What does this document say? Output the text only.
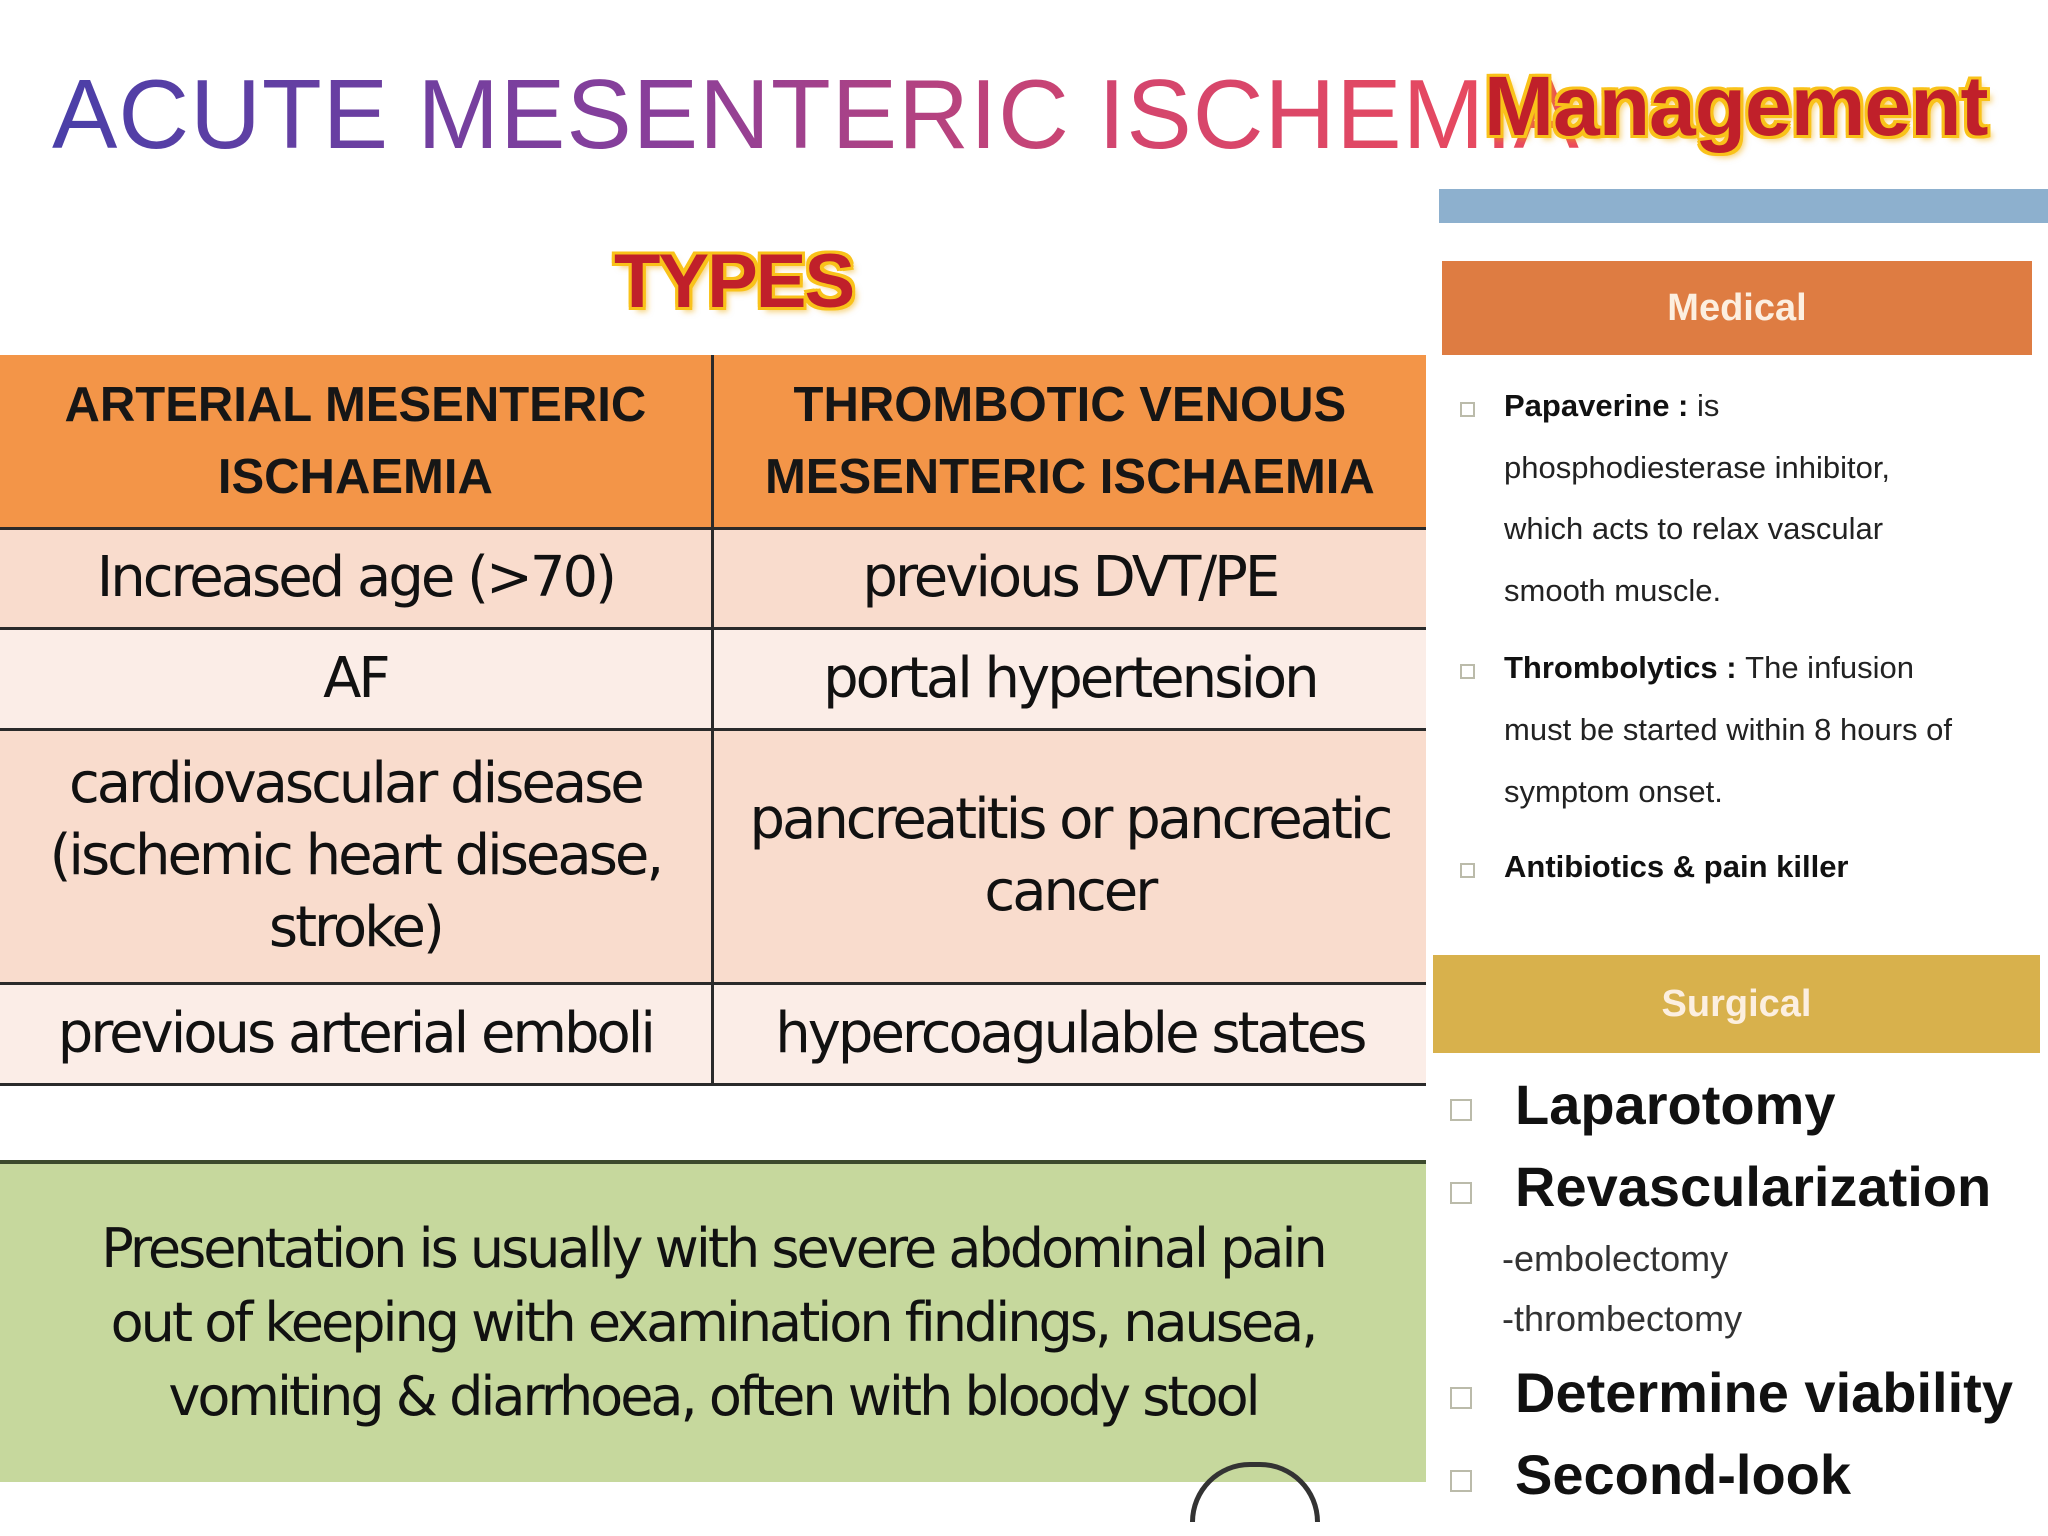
ACUTE MESENTERIC ISCHEMIA
Management
TYPES
ARTERIAL MESENTERIC ISCHAEMIA	THROMBOTIC VENOUS MESENTERIC ISCHAEMIA
Increased age (>70)	previous DVT/PE
AF	portal hypertension
cardiovascular disease (ischemic heart disease, stroke)	pancreatitis or pancreatic cancer
previous arterial emboli	hypercoagulable states
Presentation is usually with severe abdominal pain out of keeping with examination findings, nausea, vomiting & diarrhoea, often with bloody stool
Medical
Papaverine : is
phosphodiesterase inhibitor,
which acts to relax vascular
smooth muscle.
Thrombolytics : The infusion
must be started within 8 hours of
symptom onset.
Antibiotics & pain killer
Surgical
Laparotomy
Revascularization
-embolectomy
-thrombectomy
Determine viability
Second-look
